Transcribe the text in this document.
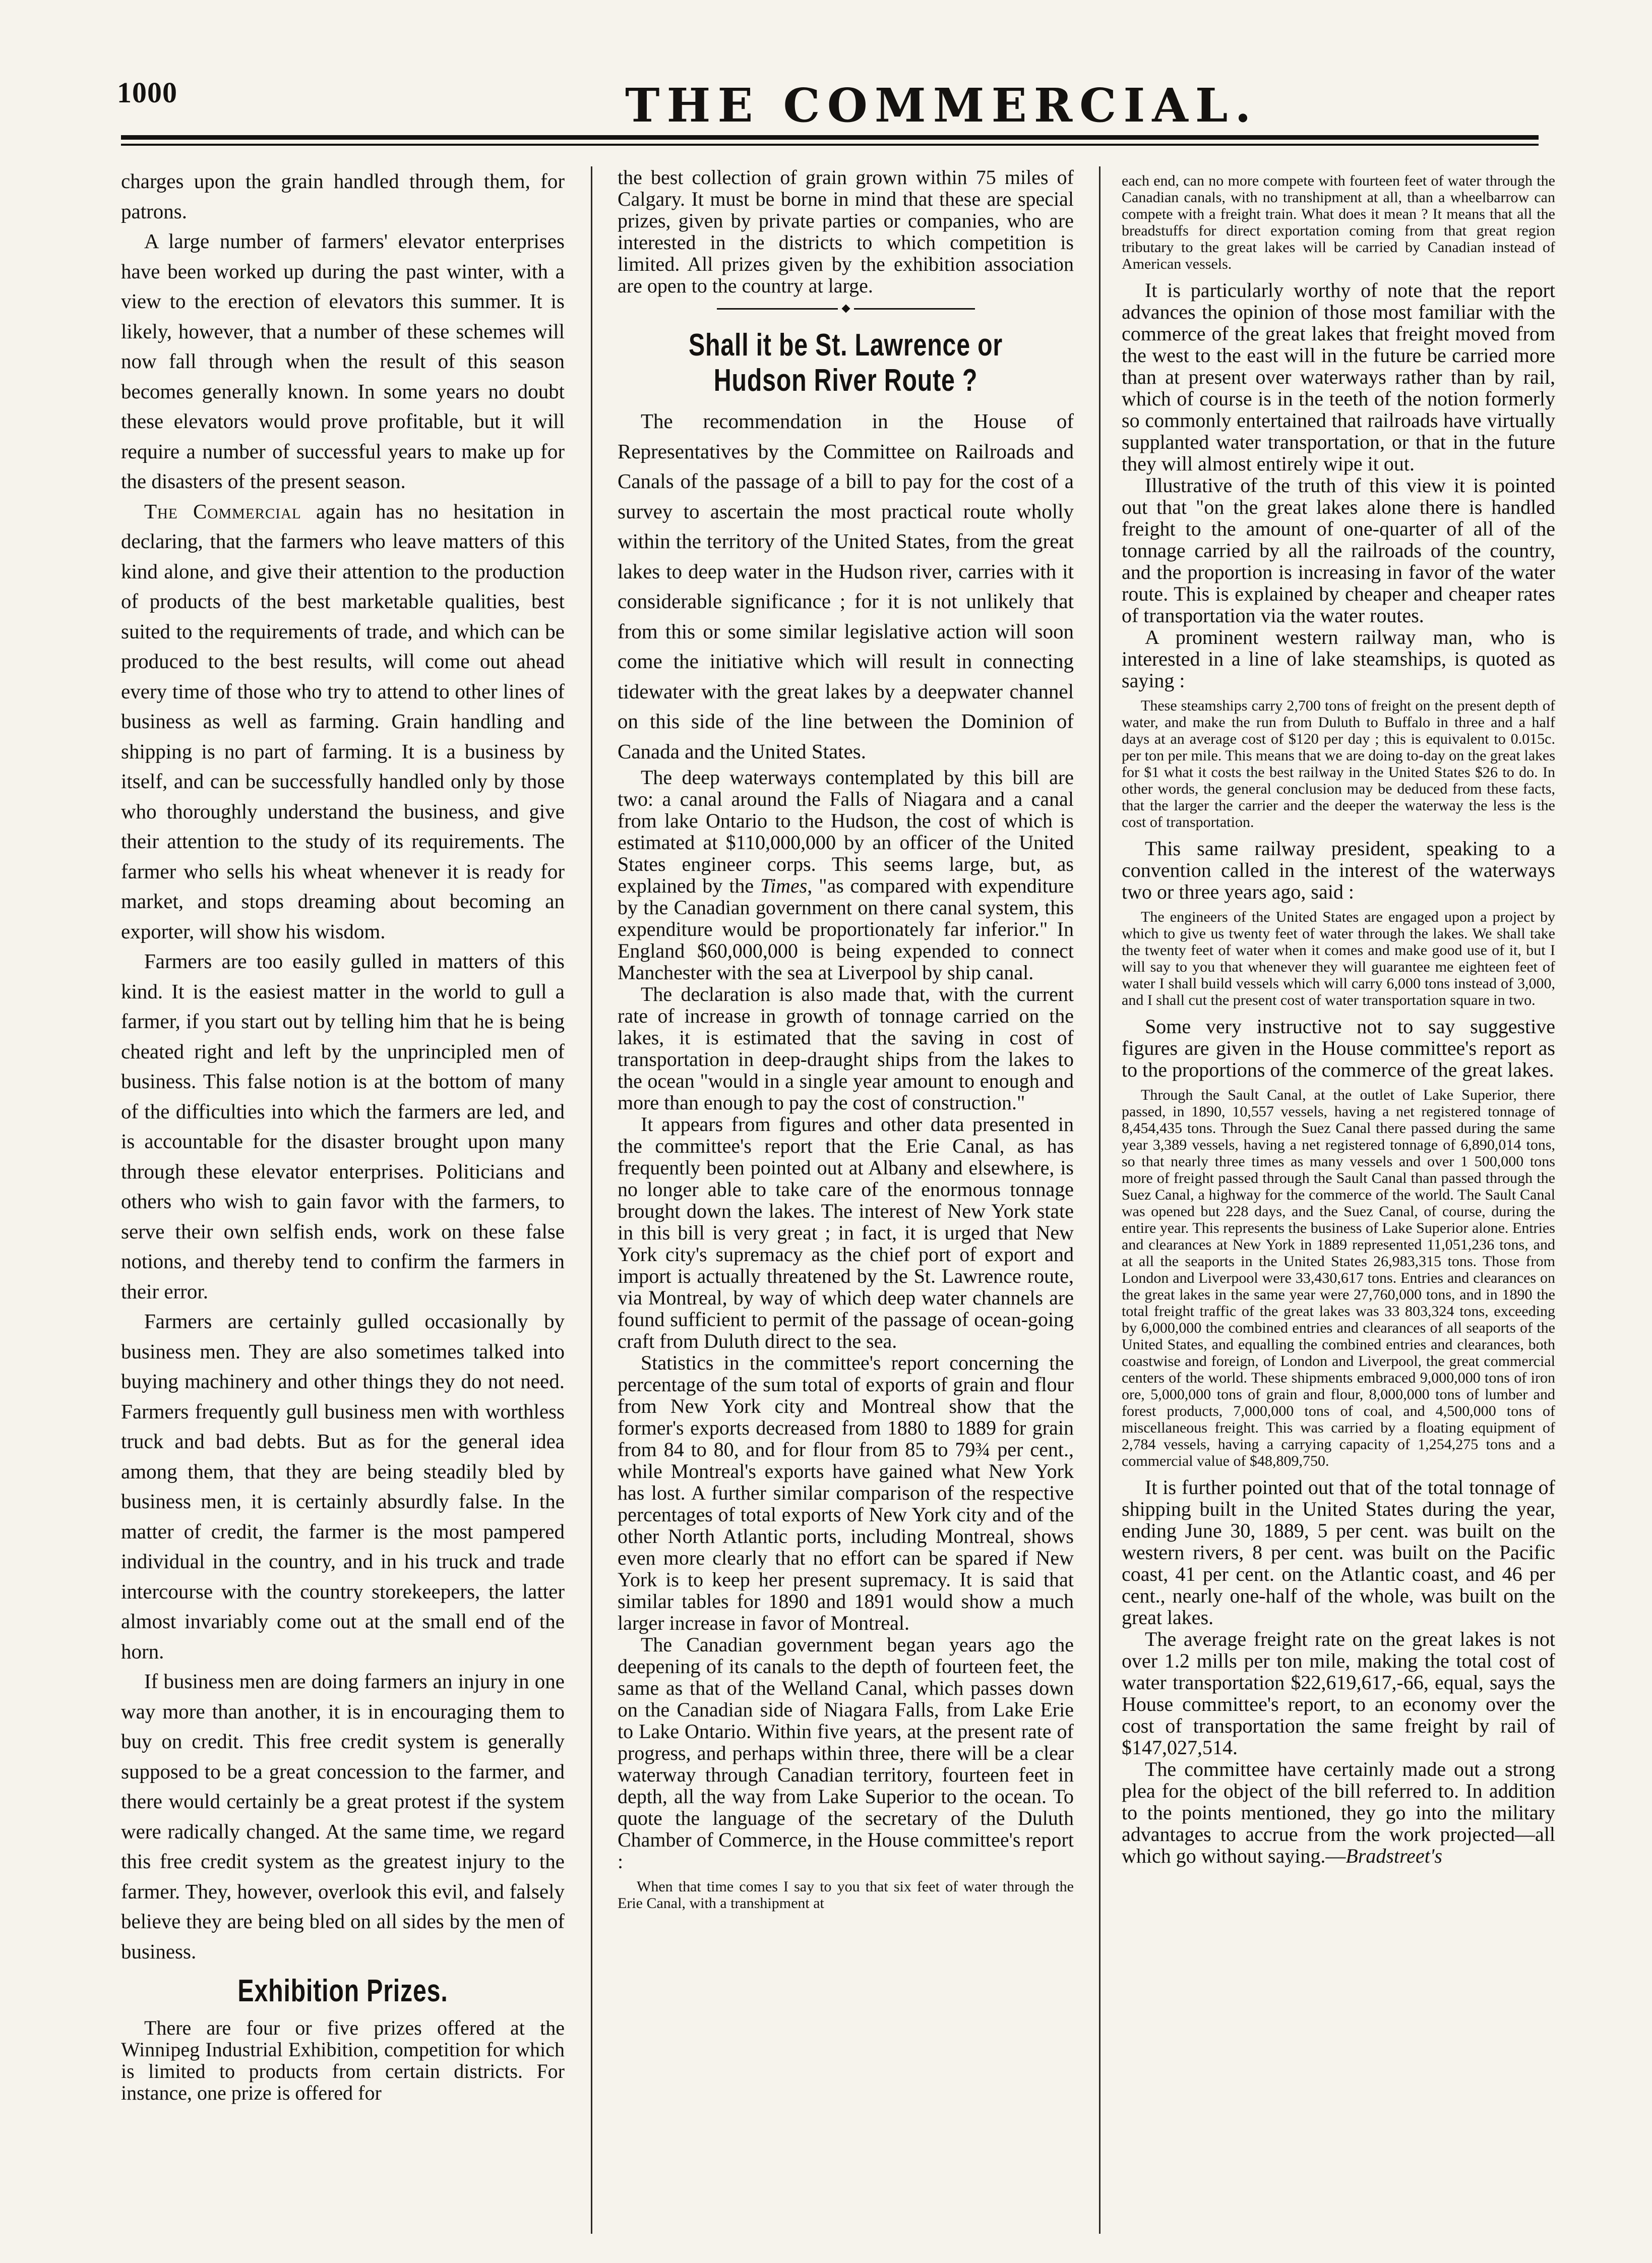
1000	THE COMMERCIAL.

charges upon the grain handled through them, for patrons.

A large number of farmers' elevator enterprises have been worked up during the past winter, with a view to the erection of elevators this summer. It is likely, however, that a number of these schemes will now fall through when the result of this season becomes generally known. In some years no doubt these elevators would prove profitable, but it will require a number of successful years to make up for the disasters of the present season.

The Commercial again has no hesitation in declaring, that the farmers who leave matters of this kind alone, and give their attention to the production of products of the best marketable qualities, best suited to the requirements of trade, and which can be produced to the best results, will come out ahead every time of those who try to attend to other lines of business as well as farming. Grain handling and shipping is no part of farming. It is a business by itself, and can be successfully handled only by those who thoroughly understand the business, and give their attention to the study of its requirements. The farmer who sells his wheat whenever it is ready for market, and stops dreaming about becoming an exporter, will show his wisdom.

Farmers are too easily gulled in matters of this kind. It is the easiest matter in the world to gull a farmer, if you start out by telling him that he is being cheated right and left by the unprincipled men of business. This false notion is at the bottom of many of the difficulties into which the farmers are led, and is accountable for the disaster brought upon many through these elevator enterprises. Politicians and others who wish to gain favor with the farmers, to serve their own selfish ends, work on these false notions, and thereby tend to confirm the farmers in their error.

Farmers are certainly gulled occasionally by business men. They are also sometimes talked into buying machinery and other things they do not need. Farmers frequently gull business men with worthless truck and bad debts. But as for the general idea among them, that they are being steadily bled by business men, it is certainly absurdly false. In the matter of credit, the farmer is the most pampered individual in the country, and in his truck and trade intercourse with the country storekeepers, the latter almost invariably come out at the small end of the horn.

If business men are doing farmers an injury in one way more than another, it is in encouraging them to buy on credit. This free credit system is generally supposed to be a great concession to the farmer, and there would certainly be a great protest if the system were radically changed. At the same time, we regard this free credit system as the greatest injury to the farmer. They, however, overlook this evil, and falsely believe they are being bled on all sides by the men of business.

Exhibition Prizes.

There are four or five prizes offered at the Winnipeg Industrial Exhibition, competition for which is limited to products from certain districts. For instance, one prize is offered for

the best collection of grain grown within 75 miles of Calgary. It must be borne in mind that these are special prizes, given by private parties or companies, who are interested in the districts to which competition is limited. All prizes given by the exhibition association are open to the country at large.

Shall it be St. Lawrence or Hudson River Route ?

The recommendation in the House of Representatives by the Committee on Railroads and Canals of the passage of a bill to pay for the cost of a survey to ascertain the most practical route wholly within the territory of the United States, from the great lakes to deep water in the Hudson river, carries with it considerable significance ; for it is not unlikely that from this or some similar legislative action will soon come the initiative which will result in connecting tidewater with the great lakes by a deepwater channel on this side of the line between the Dominion of Canada and the United States.

The deep waterways contemplated by this bill are two: a canal around the Falls of Niagara and a canal from lake Ontario to the Hudson, the cost of which is estimated at $110,000,000 by an officer of the United States engineer corps. This seems large, but, as explained by the Times, "as compared with expenditure by the Canadian government on there canal system, this expenditure would be proportionately far inferior." In England $60,000,000 is being expended to connect Manchester with the sea at Liverpool by ship canal.

The declaration is also made that, with the current rate of increase in growth of tonnage carried on the lakes, it is estimated that the saving in cost of transportation in deep-draught ships from the lakes to the ocean "would in a single year amount to enough and more than enough to pay the cost of construction."

It appears from figures and other data presented in the committee's report that the Erie Canal, as has frequently been pointed out at Albany and elsewhere, is no longer able to take care of the enormous tonnage brought down the lakes. The interest of New York state in this bill is very great ; in fact, it is urged that New York city's supremacy as the chief port of export and import is actually threatened by the St. Lawrence route, via Montreal, by way of which deep water channels are found sufficient to permit of the passage of ocean-going craft from Duluth direct to the sea.

Statistics in the committee's report concerning the percentage of the sum total of exports of grain and flour from New York city and Montreal show that the former's exports decreased from 1880 to 1889 for grain from 84 to 80, and for flour from 85 to 79¾ per cent., while Montreal's exports have gained what New York has lost. A further similar comparison of the respective percentages of total exports of New York city and of the other North Atlantic ports, including Montreal, shows even more clearly that no effort can be spared if New York is to keep her present supremacy. It is said that similar tables for 1890 and 1891 would show a much larger increase in favor of Montreal.

The Canadian government began years ago the deepening of its canals to the depth of fourteen feet, the same as that of the Welland Canal, which passes down on the Canadian side of Niagara Falls, from Lake Erie to Lake Ontario. Within five years, at the present rate of progress, and perhaps within three, there will be a clear waterway through Canadian territory, fourteen feet in depth, all the way from Lake Superior to the ocean. To quote the language of the secretary of the Duluth Chamber of Commerce, in the House committee's report :

When that time comes I say to you that six feet of water through the Erie Canal, with a transhipment at

each end, can no more compete with fourteen feet of water through the Canadian canals, with no transhipment at all, than a wheelbarrow can compete with a freight train. What does it mean ? It means that all the breadstuffs for direct exportation coming from that great region tributary to the great lakes will be carried by Canadian instead of American vessels.

It is particularly worthy of note that the report advances the opinion of those most familiar with the commerce of the great lakes that freight moved from the west to the east will in the future be carried more than at present over waterways rather than by rail, which of course is in the teeth of the notion formerly so commonly entertained that railroads have virtually supplanted water transportation, or that in the future they will almost entirely wipe it out.

Illustrative of the truth of this view it is pointed out that "on the great lakes alone there is handled freight to the amount of one-quarter of all of the tonnage carried by all the railroads of the country, and the proportion is increasing in favor of the water route. This is explained by cheaper and cheaper rates of transportation via the water routes.

A prominent western railway man, who is interested in a line of lake steamships, is quoted as saying :

These steamships carry 2,700 tons of freight on the present depth of water, and make the run from Duluth to Buffalo in three and a half days at an average cost of $120 per day ; this is equivalent to 0.015c. per ton per mile. This means that we are doing to-day on the great lakes for $1 what it costs the best railway in the United States $26 to do. In other words, the general conclusion may be deduced from these facts, that the larger the carrier and the deeper the waterway the less is the cost of transportation.

This same railway president, speaking to a convention called in the interest of the waterways two or three years ago, said :

The engineers of the United States are engaged upon a project by which to give us twenty feet of water through the lakes. We shall take the twenty feet of water when it comes and make good use of it, but I will say to you that whenever they will guarantee me eighteen feet of water I shall build vessels which will carry 6,000 tons instead of 3,000, and I shall cut the present cost of water transportation square in two.

Some very instructive not to say suggestive figures are given in the House committee's report as to the proportions of the commerce of the great lakes.

Through the Sault Canal, at the outlet of Lake Superior, there passed, in 1890, 10,557 vessels, having a net registered tonnage of 8,454,435 tons. Through the Suez Canal there passed during the same year 3,389 vessels, having a net registered tonnage of 6,890,014 tons, so that nearly three times as many vessels and over 1 500,000 tons more of freight passed through the Sault Canal than passed through the Suez Canal, a highway for the commerce of the world. The Sault Canal was opened but 228 days, and the Suez Canal, of course, during the entire year. This represents the business of Lake Superior alone. Entries and clearances at New York in 1889 represented 11,051,236 tons, and at all the seaports in the United States 26,983,315 tons. Those from London and Liverpool were 33,430,617 tons. Entries and clearances on the great lakes in the same year were 27,760,000 tons, and in 1890 the total freight traffic of the great lakes was 33 803,324 tons, exceeding by 6,000,000 the combined entries and clearances of all seaports of the United States, and equalling the combined entries and clearances, both coastwise and foreign, of London and Liverpool, the great commercial centers of the world. These shipments embraced 9,000,000 tons of iron ore, 5,000,000 tons of grain and flour, 8,000,000 tons of lumber and forest products, 7,000,000 tons of coal, and 4,500,000 tons of miscellaneous freight. This was carried by a floating equipment of 2,784 vessels, having a carrying capacity of 1,254,275 tons and a commercial value of $48,809,750.

It is further pointed out that of the total tonnage of shipping built in the United States during the year, ending June 30, 1889, 5 per cent. was built on the western rivers, 8 per cent. was built on the Pacific coast, 41 per cent. on the Atlantic coast, and 46 per cent., nearly one-half of the whole, was built on the great lakes.

The average freight rate on the great lakes is not over 1.2 mills per ton mile, making the total cost of water transportation $22,619,617,-66, equal, says the House committee's report, to an economy over the cost of transportation the same freight by rail of $147,027,514.

The committee have certainly made out a strong plea for the object of the bill referred to. In addition to the points mentioned, they go into the military advantages to accrue from the work projected—all which go without saying.—Bradstreet's
